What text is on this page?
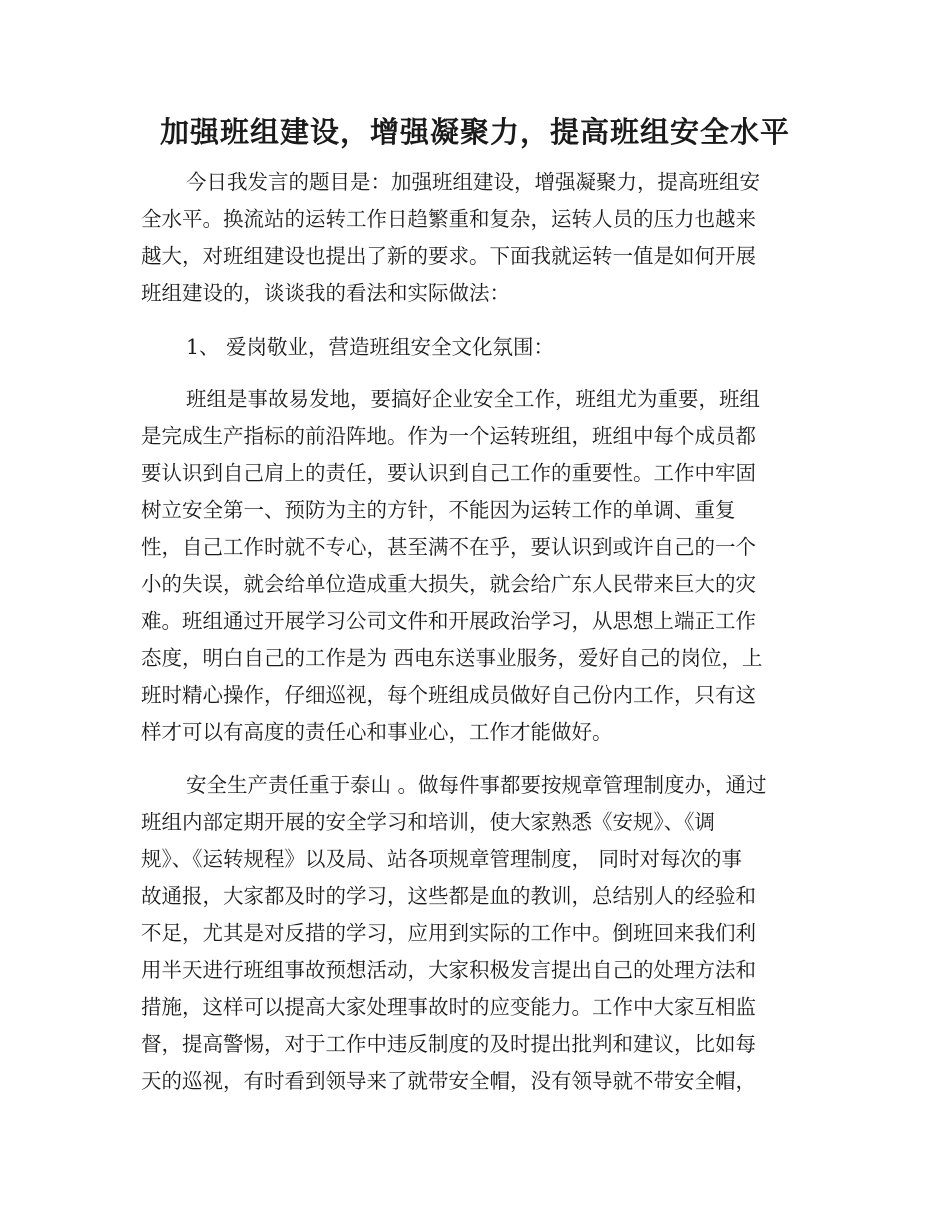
加强班组建设，增强凝聚力，提高班组安全水平

今日我发言的题目是：加强班组建设，增强凝聚力，提高班组安

全水平。换流站的运转工作日趋繁重和复杂，运转人员的压力也越来

越大，对班组建设也提出了新的要求。下面我就运转一值是如何开展

班组建设的，谈谈我的看法和实际做法：

1、 爱岗敬业，营造班组安全文化氛围：

班组是事故易发地，要搞好企业安全工作，班组尤为重要，班组

是完成生产指标的前沿阵地。作为一个运转班组，班组中每个成员都

要认识到自己肩上的责任，要认识到自己工作的重要性。工作中牢固

树立安全第一、预防为主的方针，不能因为运转工作的单调、重复

性，自己工作时就不专心，甚至满不在乎，要认识到或许自己的一个

小的失误，就会给单位造成重大损失，就会给广东人民带来巨大的灾

难。班组通过开展学习公司文件和开展政治学习，从思想上端正工作

态度，明白自己的工作是为 西电东送事业服务，爱好自己的岗位，上

班时精心操作，仔细巡视，每个班组成员做好自己份内工作，只有这

样才可以有高度的责任心和事业心，工作才能做好。

安全生产责任重于泰山 。做每件事都要按规章管理制度办，通过

班组内部定期开展的安全学习和培训，使大家熟悉《安规》、《调

规》、《运转规程》以及局、站各项规章管理制度， 同时对每次的事

故通报，大家都及时的学习，这些都是血的教训，总结别人的经验和

不足，尤其是对反措的学习，应用到实际的工作中。倒班回来我们利

用半天进行班组事故预想活动，大家积极发言提出自己的处理方法和

措施，这样可以提高大家处理事故时的应变能力。工作中大家互相监

督，提高警惕，对于工作中违反制度的及时提出批判和建议，比如每

天的巡视，有时看到领导来了就带安全帽，没有领导就不带安全帽，
